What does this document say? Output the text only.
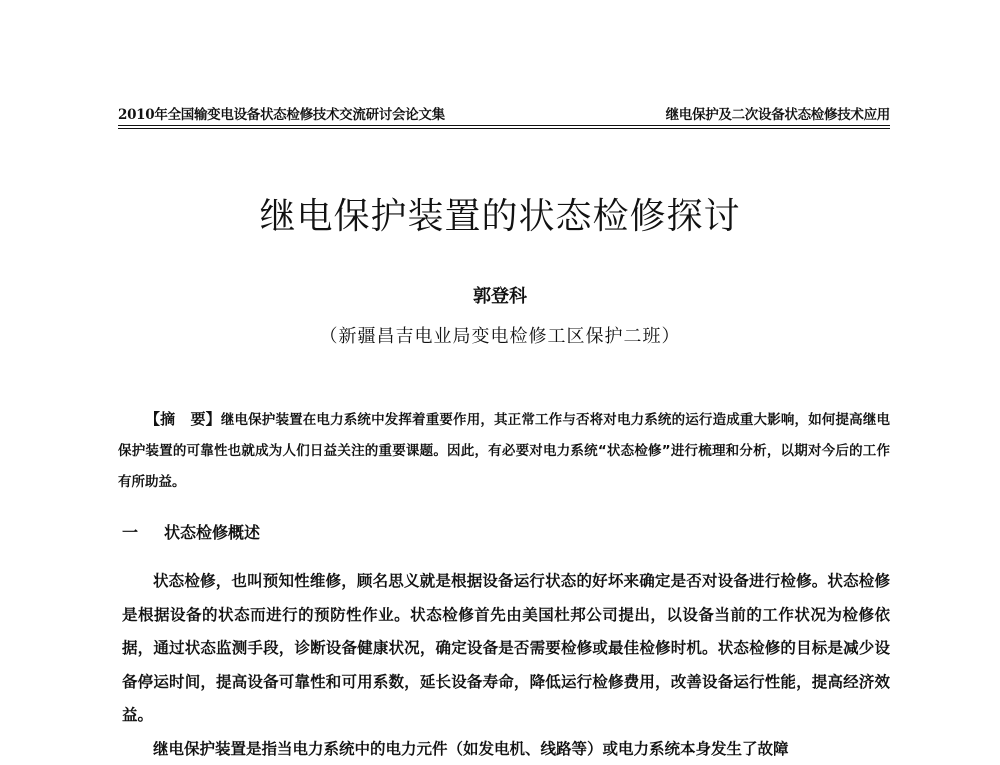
2010年全国输变电设备状态检修技术交流研讨会论文集	继电保护及二次设备状态检修技术应用
继电保护装置的状态检修探讨
郭登科
（新疆昌吉电业局变电检修工区保护二班）
【摘　要】继电保护装置在电力系统中发挥着重要作用，其正常工作与否将对电力系统的运行造成重大影响，如何提高继电保护装置的可靠性也就成为人们日益关注的重要课题。因此，有必要对电力系统“状态检修”进行梳理和分析，以期对今后的工作有所助益。
一 状态检修概述

状态检修，也叫预知性维修，顾名思义就是根据设备运行状态的好坏来确定是否对设备进行检修。状态检修是根据设备的状态而进行的预防性作业。状态检修首先由美国杜邦公司提出，以设备当前的工作状况为检修依据，通过状态监测手段，诊断设备健康状况，确定设备是否需要检修或最佳检修时机。状态检修的目标是减少设备停运时间，提高设备可靠性和可用系数，延长设备寿命，降低运行检修费用，改善设备运行性能，提高经济效益。

继电保护装置是指当电力系统中的电力元件（如发电机、线路等）或电力系统本身发生了故障
